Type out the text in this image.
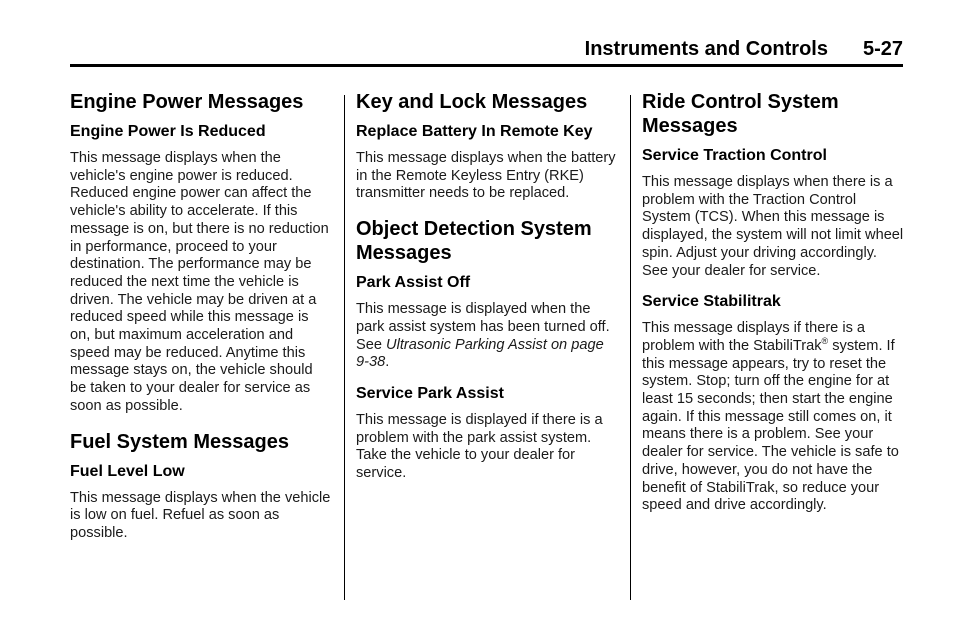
Instruments and Controls 5-27
Engine Power Messages
Engine Power Is Reduced

This message displays when the vehicle's engine power is reduced. Reduced engine power can affect the vehicle's ability to accelerate. If this message is on, but there is no reduction in performance, proceed to your destination. The performance may be reduced the next time the vehicle is driven. The vehicle may be driven at a reduced speed while this message is on, but maximum acceleration and speed may be reduced. Anytime this message stays on, the vehicle should be taken to your dealer for service as soon as possible.

Fuel System Messages
Fuel Level Low

This message displays when the vehicle is low on fuel. Refuel as soon as possible.

Key and Lock Messages
Replace Battery In Remote Key

This message displays when the battery in the Remote Keyless Entry (RKE) transmitter needs to be replaced.

Object Detection System Messages
Park Assist Off

This message is displayed when the park assist system has been turned off. See Ultrasonic Parking Assist on page 9-38.

Service Park Assist

This message is displayed if there is a problem with the park assist system. Take the vehicle to your dealer for service.

Ride Control System Messages
Service Traction Control

This message displays when there is a problem with the Traction Control System (TCS). When this message is displayed, the system will not limit wheel spin. Adjust your driving accordingly. See your dealer for service.

Service Stabilitrak

This message displays if there is a problem with the StabiliTrak® system. If this message appears, try to reset the system. Stop; turn off the engine for at least 15 seconds; then start the engine again. If this message still comes on, it means there is a problem. See your dealer for service. The vehicle is safe to drive, however, you do not have the benefit of StabiliTrak, so reduce your speed and drive accordingly.
